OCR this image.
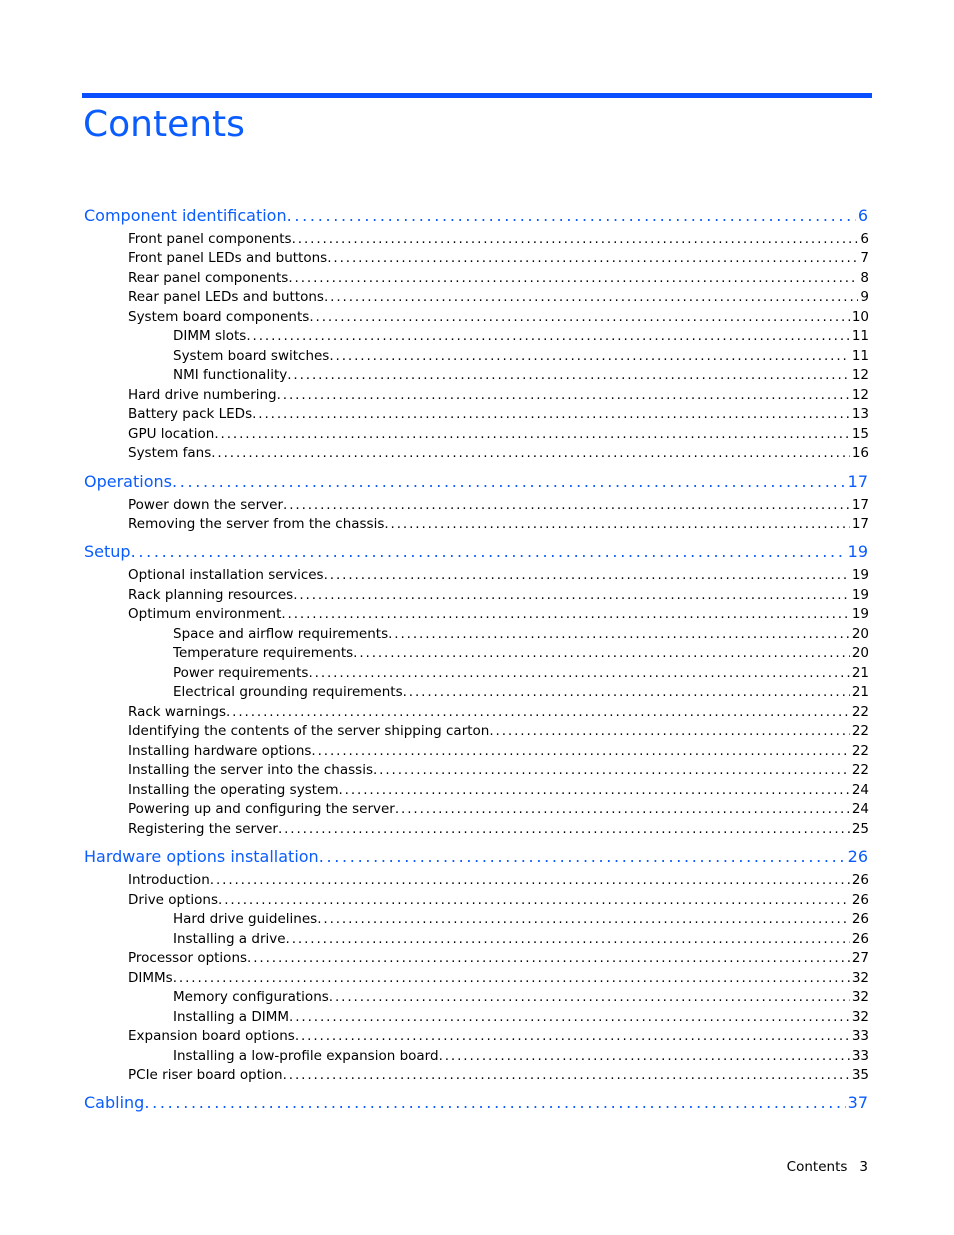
Contents
Component identification . . .	6
Front panel components . . .	6
Front panel LEDs and buttons . . .	7
Rear panel components . . .	8
Rear panel LEDs and buttons . . .	9
System board components . . .	10
DIMM slots . . .	11
System board switches . . .	11
NMI functionality . . .	12
Hard drive numbering . . .	12
Battery pack LEDs . . .	13
GPU location . . .	15
System fans . . .	16
Operations . . .	17
Power down the server . . .	17
Removing the server from the chassis . . .	17
Setup . . .	19
Optional installation services . . .	19
Rack planning resources . . .	19
Optimum environment . . .	19
Space and airflow requirements . . .	20
Temperature requirements . . .	20
Power requirements . . .	21
Electrical grounding requirements . . .	21
Rack warnings . . .	22
Identifying the contents of the server shipping carton . . .	22
Installing hardware options . . .	22
Installing the server into the chassis . . .	22
Installing the operating system . . .	24
Powering up and configuring the server . . .	24
Registering the server . . .	25
Hardware options installation . . .	26
Introduction . . .	26
Drive options . . .	26
Hard drive guidelines . . .	26
Installing a drive . . .	26
Processor options . . .	27
DIMMs . . .	32
Memory configurations . . .	32
Installing a DIMM . . .	32
Expansion board options . . .	33
Installing a low-profile expansion board . . .	33
PCIe riser board option . . .	35
Cabling . . .	37
Contents 3
